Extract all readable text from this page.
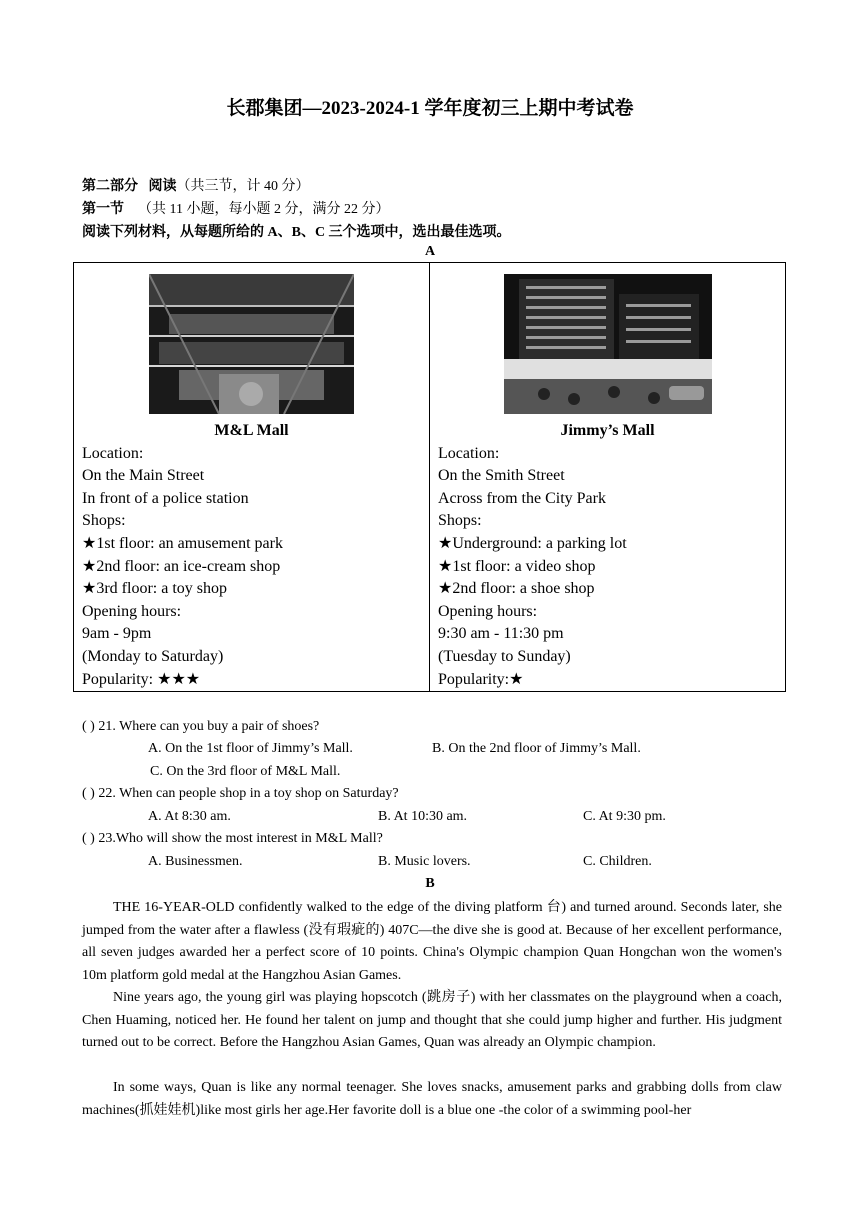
长郡集团—2023-2024-1 学年度初三上期中考试卷
第二部分 阅读（共三节，计 40 分）
第一节 （共 11 小题，每小题 2 分，满分 22 分）
阅读下列材料，从每题所给的 A、B、C 三个选项中，选出最佳选项。
A
M&L Mall
Location:
On the Main Street
In front of a police station
Shops:
★1st floor: an amusement park
★2nd floor: an ice-cream shop
★3rd floor: a toy shop
Opening hours:
9am - 9pm
(Monday to Saturday)
Popularity: ★★★

Jimmy’s Mall
Location:
On the Smith Street
Across from the City Park
Shops:
★Underground: a parking lot
★1st floor: a video shop
★2nd floor: a shoe shop
Opening hours:
9:30 am - 11:30 pm
(Tuesday to Sunday)
Popularity:★
( ) 21. Where can you buy a pair of shoes?
A. On the 1st floor of Jimmy’s Mall.	B. On the 2nd floor of Jimmy’s Mall.
C. On the 3rd floor of M&L Mall.
( ) 22. When can people shop in a toy shop on Saturday?
A. At 8:30 am.	B. At 10:30 am.	C. At 9:30 pm.
( ) 23.Who will show the most interest in M&L Mall?
A. Businessmen.	B. Music lovers.	C. Children.
B
THE 16-YEAR-OLD confidently walked to the edge of the diving platform 台) and turned around. Seconds later, she jumped from the water after a flawless (没有瑕疵的) 407C—the dive she is good at. Because of her excellent performance, all seven judges awarded her a perfect score of 10 points. China's Olympic champion Quan Hongchan won the women's 10m platform gold medal at the Hangzhou Asian Games.
Nine years ago, the young girl was playing hopscotch (跳房子) with her classmates on the playground when a coach, Chen Huaming, noticed her. He found her talent on jump and thought that she could jump higher and further. His judgment turned out to be correct. Before the Hangzhou Asian Games, Quan was already an Olympic champion.
In some ways, Quan is like any normal teenager. She loves snacks, amusement parks and grabbing dolls from claw machines(抓娃娃机)like most girls her age.Her favorite doll is a blue one -the color of a swimming pool-her
